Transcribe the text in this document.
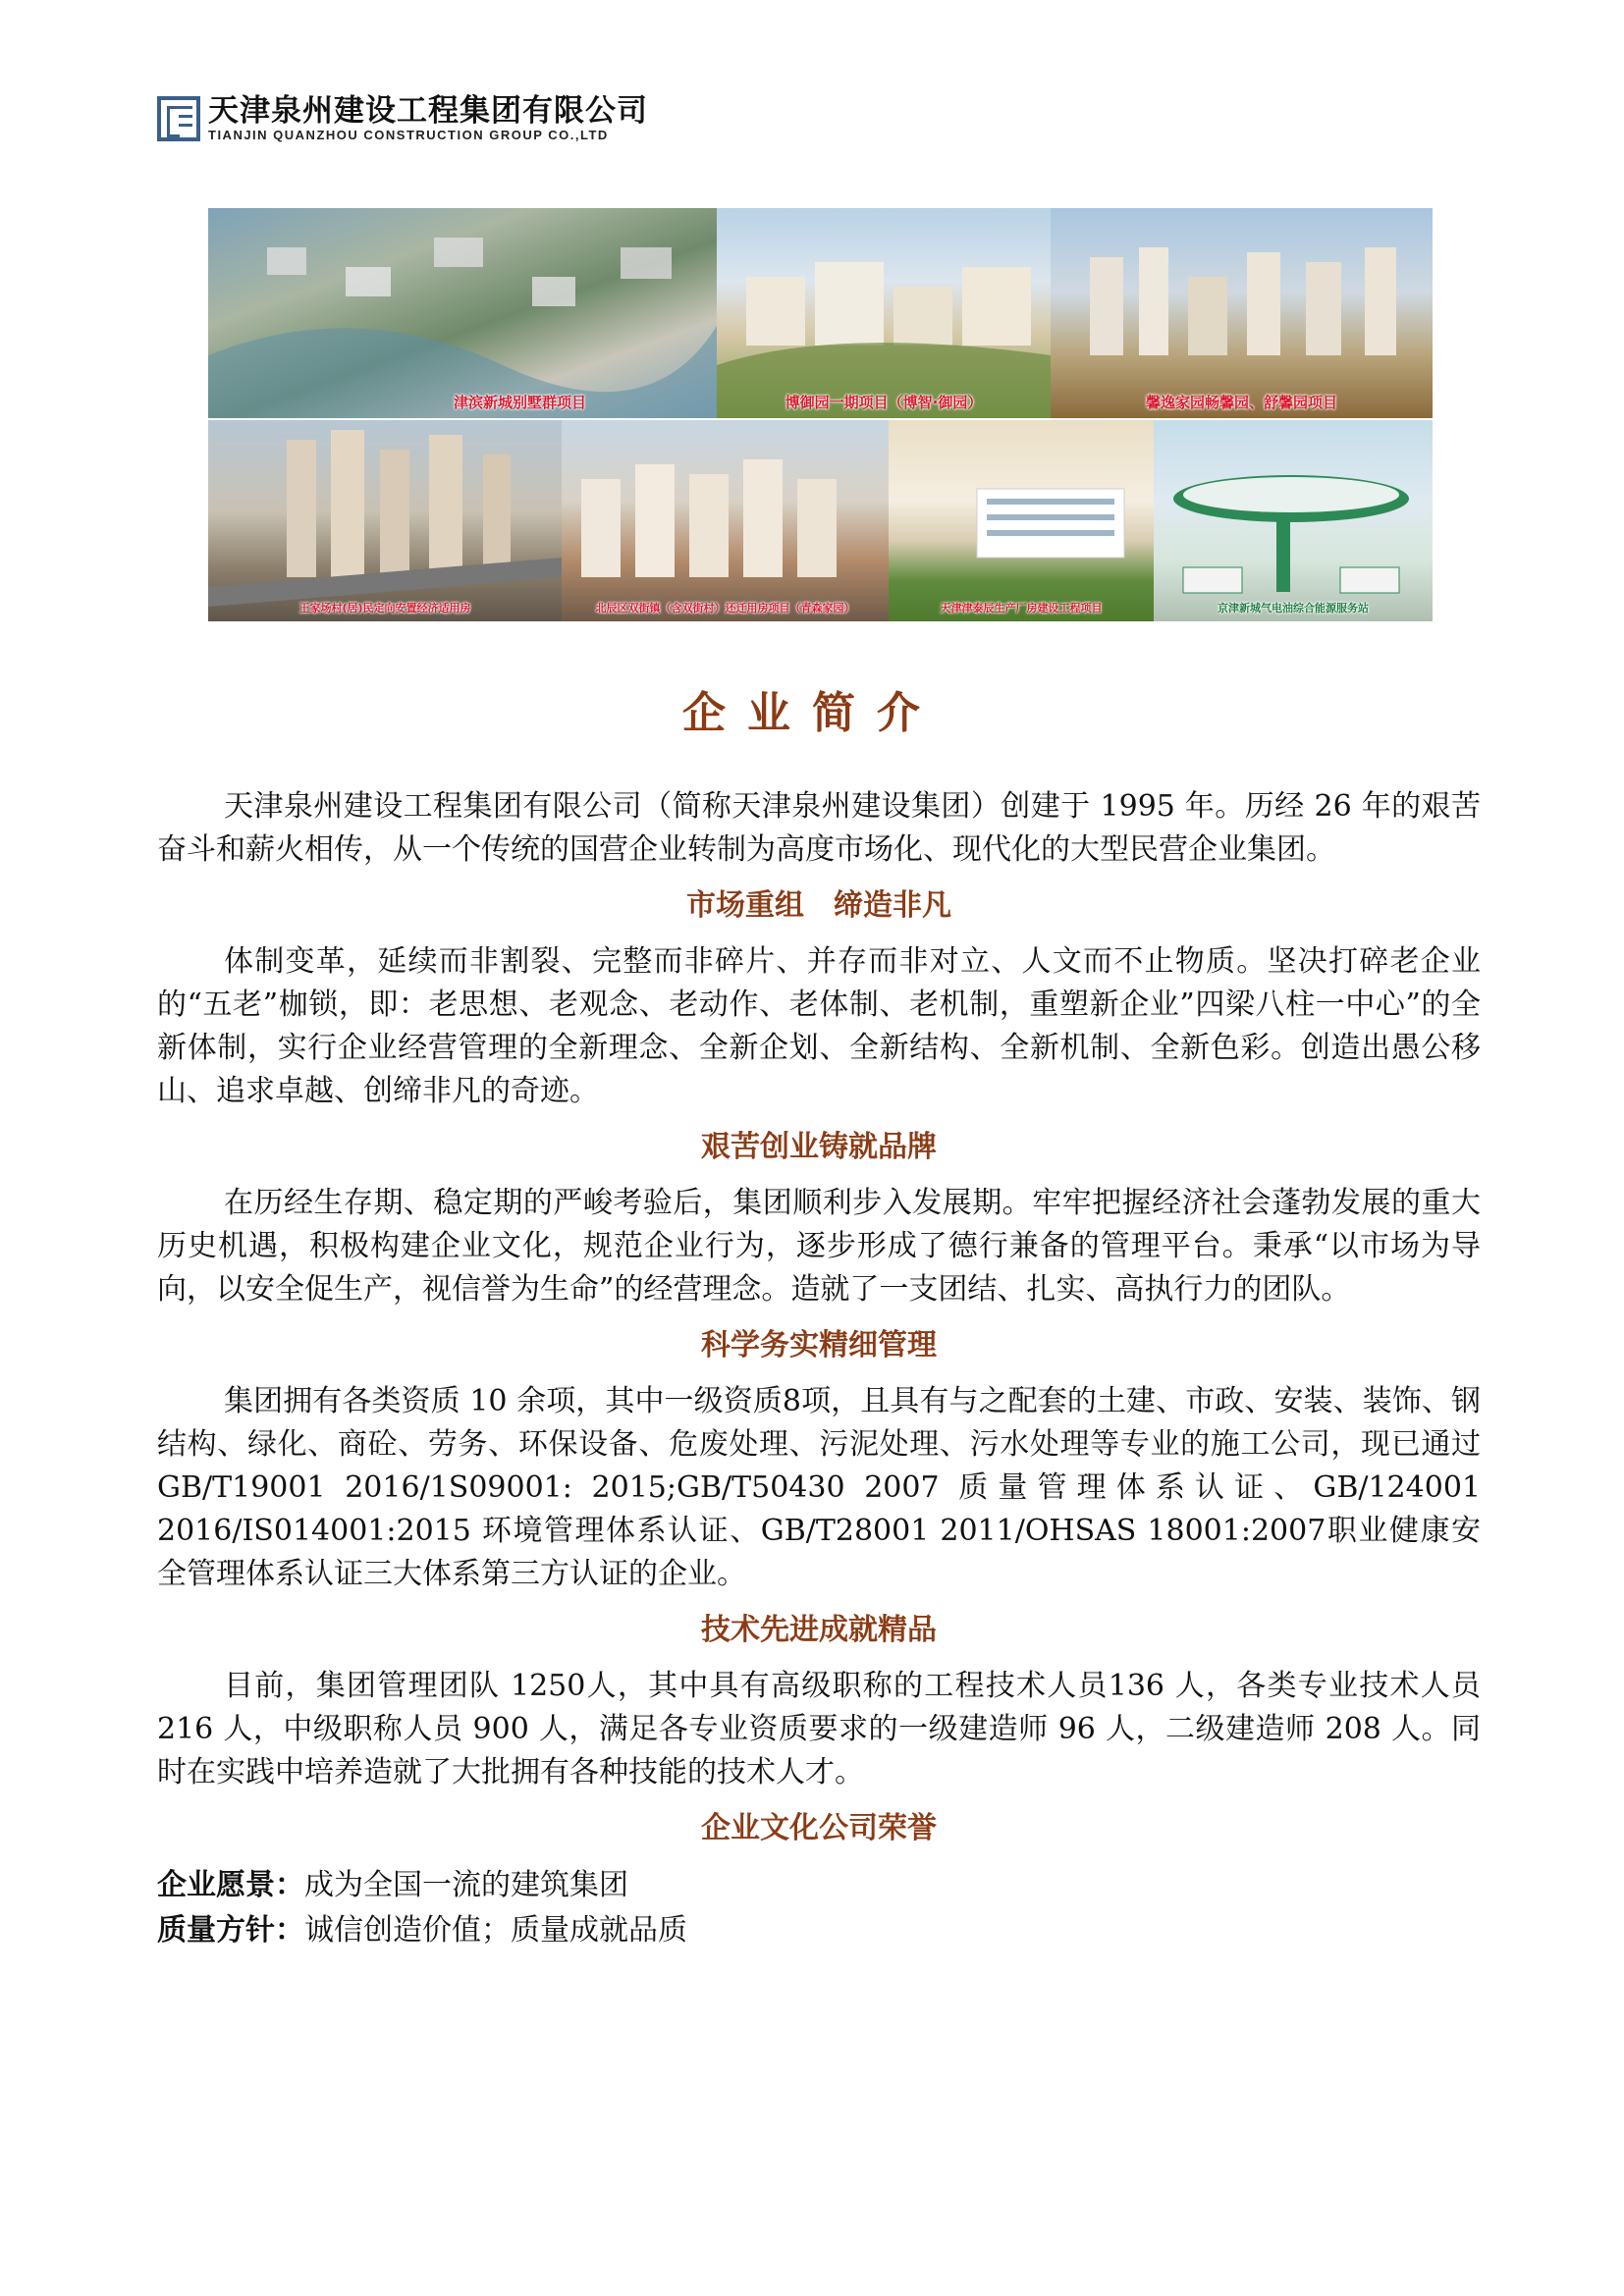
天津泉州建设工程集团有限公司
TIANJIN QUANZHOU CONSTRUCTION GROUP CO.,LTD
津滨新城别墅群项目	博御园一期项目（博智·御园）	馨逸家园畅馨园、舒馨园项目
王家场村(居)民定向安置经济适用房	北辰区双街镇（含双街村）还迁用房项目（青森家园）	天津津泰辰生产厂房建设工程项目	京津新城气电油综合能源服务站
企业简介

天津泉州建设工程集团有限公司（简称天津泉州建设集团）创建于 1995 年。历经 26 年的艰苦奋斗和薪火相传，从一个传统的国营企业转制为高度市场化、现代化的大型民营企业集团。

市场重组　缔造非凡

体制变革，延续而非割裂、完整而非碎片、并存而非对立、人文而不止物质。坚决打碎老企业的“五老”枷锁，即：老思想、老观念、老动作、老体制、老机制，重塑新企业”四梁八柱一中心”的全新体制，实行企业经营管理的全新理念、全新企划、全新结构、全新机制、全新色彩。创造出愚公移山、追求卓越、创缔非凡的奇迹。

艰苦创业铸就品牌

在历经生存期、稳定期的严峻考验后，集团顺利步入发展期。牢牢把握经济社会蓬勃发展的重大历史机遇，积极构建企业文化，规范企业行为，逐步形成了德行兼备的管理平台。秉承“以市场为导向，以安全促生产，视信誉为生命”的经营理念。造就了一支团结、扎实、高执行力的团队。

科学务实精细管理

集团拥有各类资质 10 余项，其中一级资质8项，且具有与之配套的土建、市政、安装、装饰、钢结构、绿化、商砼、劳务、环保设备、危废处理、污泥处理、污水处理等专业的施工公司，现已通过 GB/T19001 2016/1S09001: 2015;GB/T50430 2007 质量管理体系认证、GB/124001 2016/IS014001:2015 环境管理体系认证、GB/T28001 2011/OHSAS 18001:2007职业健康安全管理体系认证三大体系第三方认证的企业。

技术先进成就精品

目前，集团管理团队 1250人，其中具有高级职称的工程技术人员136 人，各类专业技术人员 216 人，中级职称人员 900 人，满足各专业资质要求的一级建造师 96 人，二级建造师 208 人。同时在实践中培养造就了大批拥有各种技能的技术人才。

企业文化公司荣誉

企业愿景：成为全国一流的建筑集团

质量方针：诚信创造价值；质量成就品质
